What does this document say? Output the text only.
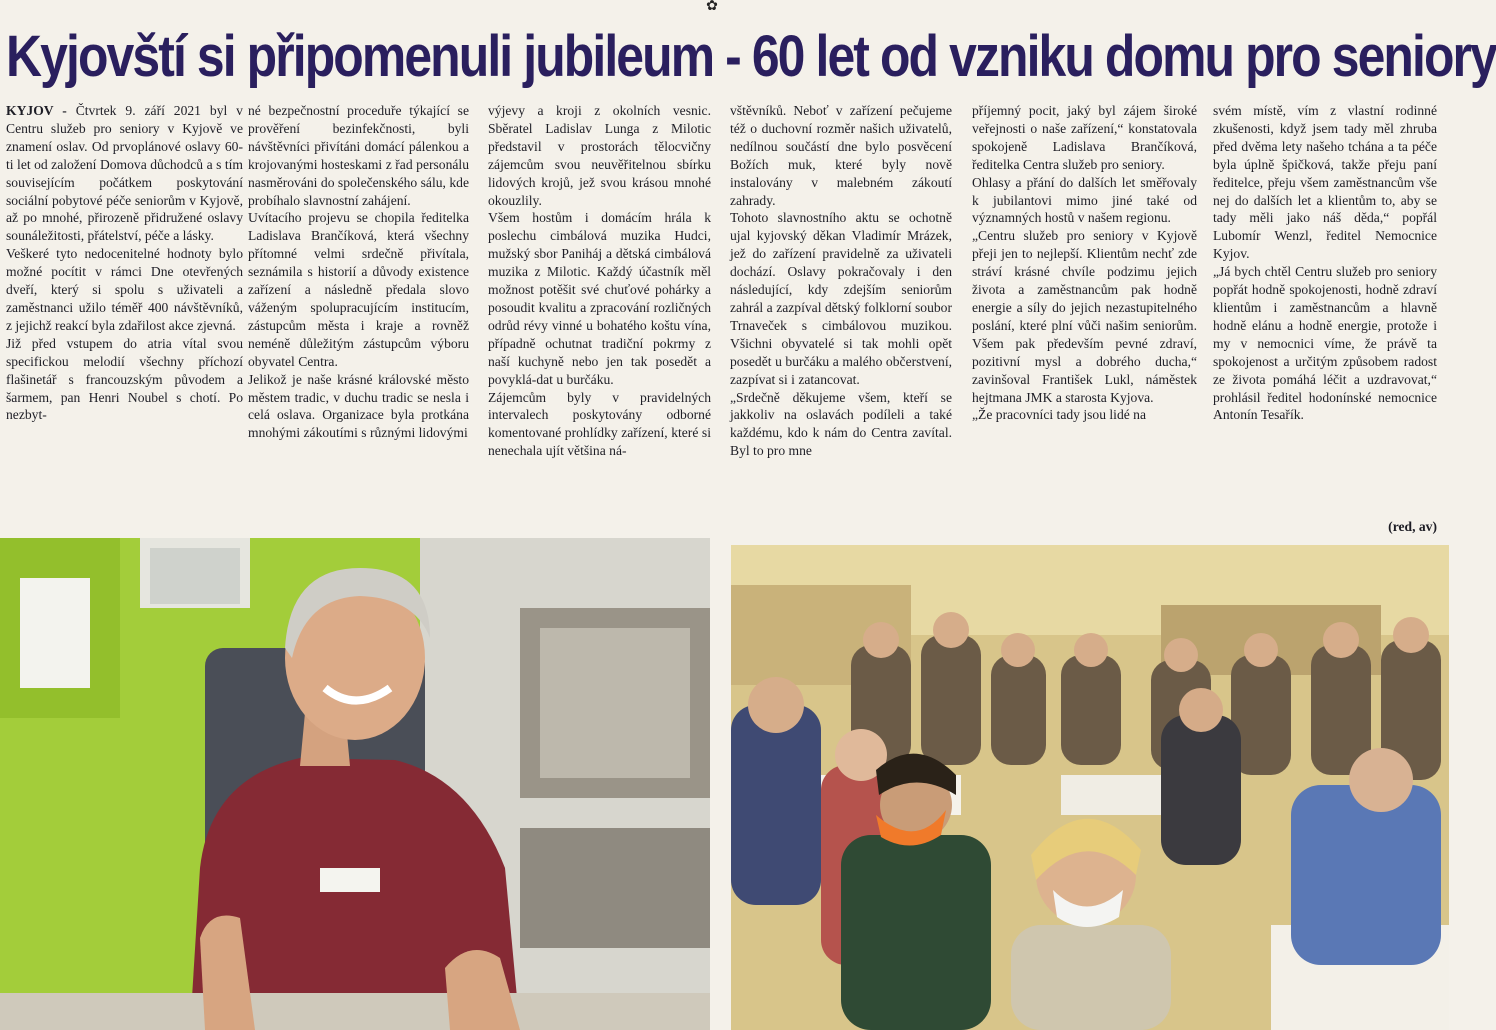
✿
Kyjovští si připomenuli jubileum - 60 let od vzniku domu pro seniory

KYJOV - Čtvrtek 9. září 2021 byl v Centru služeb pro seniory v Kyjově ve znamení oslav. Od prvoplánové oslavy 60-ti let od založení Domova důchodců a s tím souvisejícím počátkem poskytování sociální pobytové péče seniorům v Kyjově, až po mnohé, přirozeně přidružené oslavy sounáležitosti, přátelství, péče a lásky.

Veškeré tyto nedocenitelné hodnoty bylo možné pocítit v rámci Dne otevřených dveří, který si spolu s uživateli a zaměstnanci užilo téměř 400 návštěvníků, z jejichž reakcí byla zdařilost akce zjevná.

Již před vstupem do atria vítal svou specifickou melodií všechny příchozí flašinetář s francouzským původem a šarmem, pan Henri Noubel s chotí. Po nezbyt-

né bezpečnostní proceduře týkající se prověření bezinfekčnosti, byli návštěvníci přivítáni domácí pálenkou a krojovanými hosteskami z řad personálu nasměrováni do společenského sálu, kde probíhalo slavnostní zahájení.

Uvítacího projevu se chopila ředitelka Ladislava Brančíková, která všechny přítomné velmi srdečně přivítala, seznámila s historií a důvody existence zařízení a následně předala slovo váženým spolupracujícím institucím, zástupcům města i kraje a rovněž neméně důležitým zástupcům výboru obyvatel Centra.

Jelikož je naše krásné královské město městem tradic, v duchu tradic se nesla i celá oslava. Organizace byla protkána mnohými zákoutími s různými lidovými

výjevy a kroji z okolních vesnic. Sběratel Ladislav Lunga z Milotic představil v prostorách tělocvičny zájemcům svou neuvěřitelnou sbírku lidových krojů, jež svou krásou mnohé okouzlily.

Všem hostům i domácím hrála k poslechu cimbálová muzika Hudci, mužský sbor Paniháj a dětská cimbálová muzika z Milotic. Každý účastník měl možnost potěšit své chuťové pohárky a posoudit kvalitu a zpracování rozličných odrůd révy vinné u bohatého koštu vína, případně ochutnat tradiční pokrmy z naší kuchyně nebo jen tak posedět a povyklá-dat u burčáku.

Zájemcům byly v pravidelných intervalech poskytovány odborné komentované prohlídky zařízení, které si nenechala ujít většina ná-

vštěvníků. Neboť v zařízení pečujeme též o duchovní rozměr našich uživatelů, nedílnou součástí dne bylo posvěcení Božích muk, které byly nově instalovány v malebném zákoutí zahrady.

Tohoto slavnostního aktu se ochotně ujal kyjovský děkan Vladimír Mrázek, jež do zařízení pravidelně za uživateli dochází. Oslavy pokračovaly i den následující, kdy zdejším seniorům zahrál a zazpíval dětský folklorní soubor Trnaveček s cimbálovou muzikou. Všichni obyvatelé si tak mohli opět posedět u burčáku a malého občerstvení, zazpívat si i zatancovat.

„Srdečně děkujeme všem, kteří se jakkoliv na oslavách podíleli a také každému, kdo k nám do Centra zavítal. Byl to pro mne

příjemný pocit, jaký byl zájem široké veřejnosti o naše zařízení,“ konstatovala spokojeně Ladislava Brančíková, ředitelka Centra služeb pro seniory.

Ohlasy a přání do dalších let směřovaly k jubilantovi mimo jiné také od významných hostů v našem regionu.

„Centru služeb pro seniory v Kyjově přeji jen to nejlepší. Klientům nechť zde stráví krásné chvíle podzimu jejich života a zaměstnancům pak hodně energie a síly do jejich nezastupitelného poslání, které plní vůči našim seniorům. Všem pak především pevné zdraví, pozitivní mysl a dobrého ducha,“ zavinšoval František Lukl, náměstek hejtmana JMK a starosta Kyjova.

„Že pracovníci tady jsou lidé na

svém místě, vím z vlastní rodinné zkušenosti, když jsem tady měl zhruba před dvěma lety našeho tchána a ta péče byla úplně špičková, takže přeju paní ředitelce, přeju všem zaměstnancům vše nej do dalších let a klientům to, aby se tady měli jako náš děda,“ popřál Lubomír Wenzl, ředitel Nemocnice Kyjov.

„Já bych chtěl Centru služeb pro seniory popřát hodně spokojenosti, hodně zdraví klientům i zaměstnancům a hlavně hodně elánu a hodně energie, protože i my v nemocnici víme, že právě ta spokojenost a určitým způsobem radost ze života pomáhá léčit a uzdravovat,“ prohlásil ředitel hodonínské nemocnice Antonín Tesařík.

(red, av)
